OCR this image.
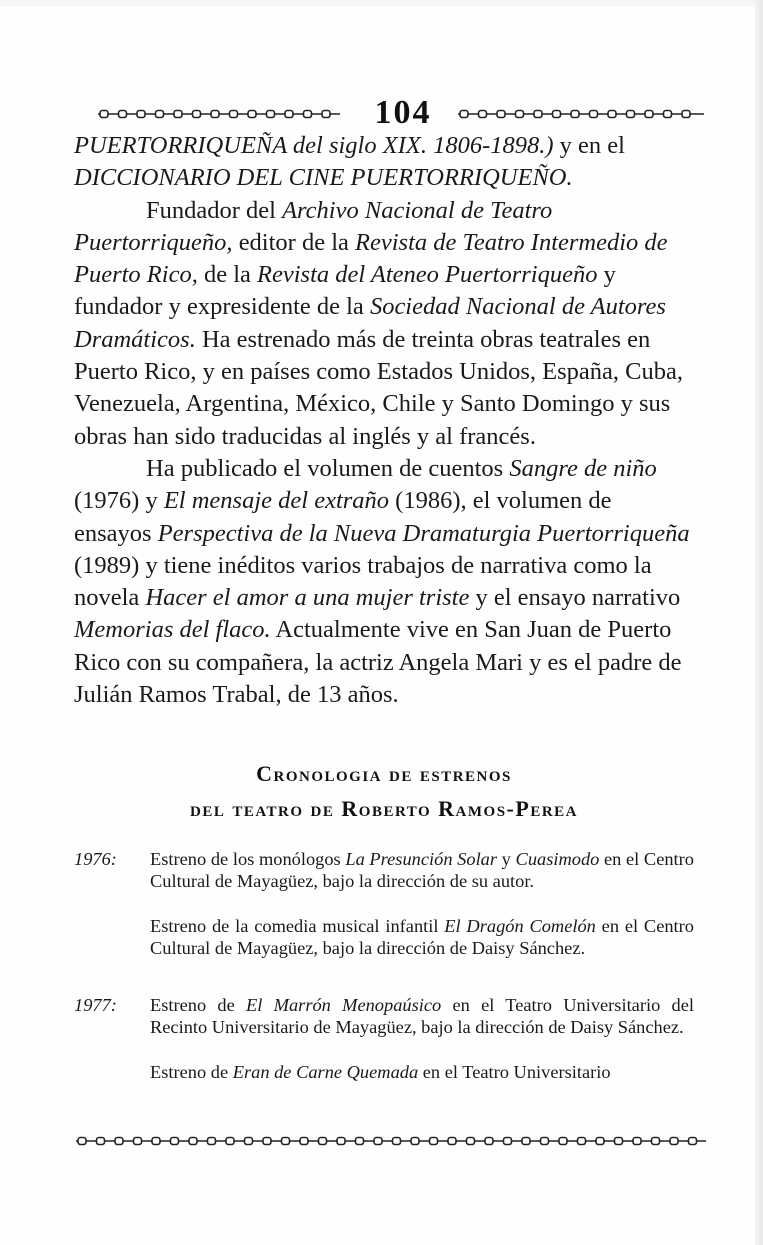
104

PUERTORRIQUEÑA del siglo XIX. 1806-1898.) y en el DICCIONARIO DEL CINE PUERTORRIQUEÑO.

Fundador del Archivo Nacional de Teatro Puertorriqueño, editor de la Revista de Teatro Intermedio de Puerto Rico, de la Revista del Ateneo Puertorriqueño y fundador y expresidente de la Sociedad Nacional de Autores Dramáticos. Ha estrenado más de treinta obras teatrales en Puerto Rico, y en países como Estados Unidos, España, Cuba, Venezuela, Argentina, México, Chile y Santo Domingo y sus obras han sido traducidas al inglés y al francés.

Ha publicado el volumen de cuentos Sangre de niño (1976) y El mensaje del extraño (1986), el volumen de ensayos Perspectiva de la Nueva Dramaturgia Puertorriqueña (1989) y tiene inéditos varios trabajos de narrativa como la novela Hacer el amor a una mujer triste y el ensayo narrativo Memorias del flaco. Actualmente vive en San Juan de Puerto Rico con su compañera, la actriz Angela Mari y es el padre de Julián Ramos Trabal, de 13 años.

Cronologia de estrenos
del teatro de Roberto Ramos-Perea
1976:	Estreno de los monólogos La Presunción Solar y Cuasimodo en el Centro Cultural de Mayagüez, bajo la dirección de su autor.
Estreno de la comedia musical infantil El Dragón Comelón en el Centro Cultural de Mayagüez, bajo la dirección de Daisy Sánchez.
1977:	Estreno de El Marrón Menopaúsico en el Teatro Universitario del Recinto Universitario de Mayagüez, bajo la dirección de Daisy Sánchez.
Estreno de Eran de Carne Quemada en el Teatro Universitario
